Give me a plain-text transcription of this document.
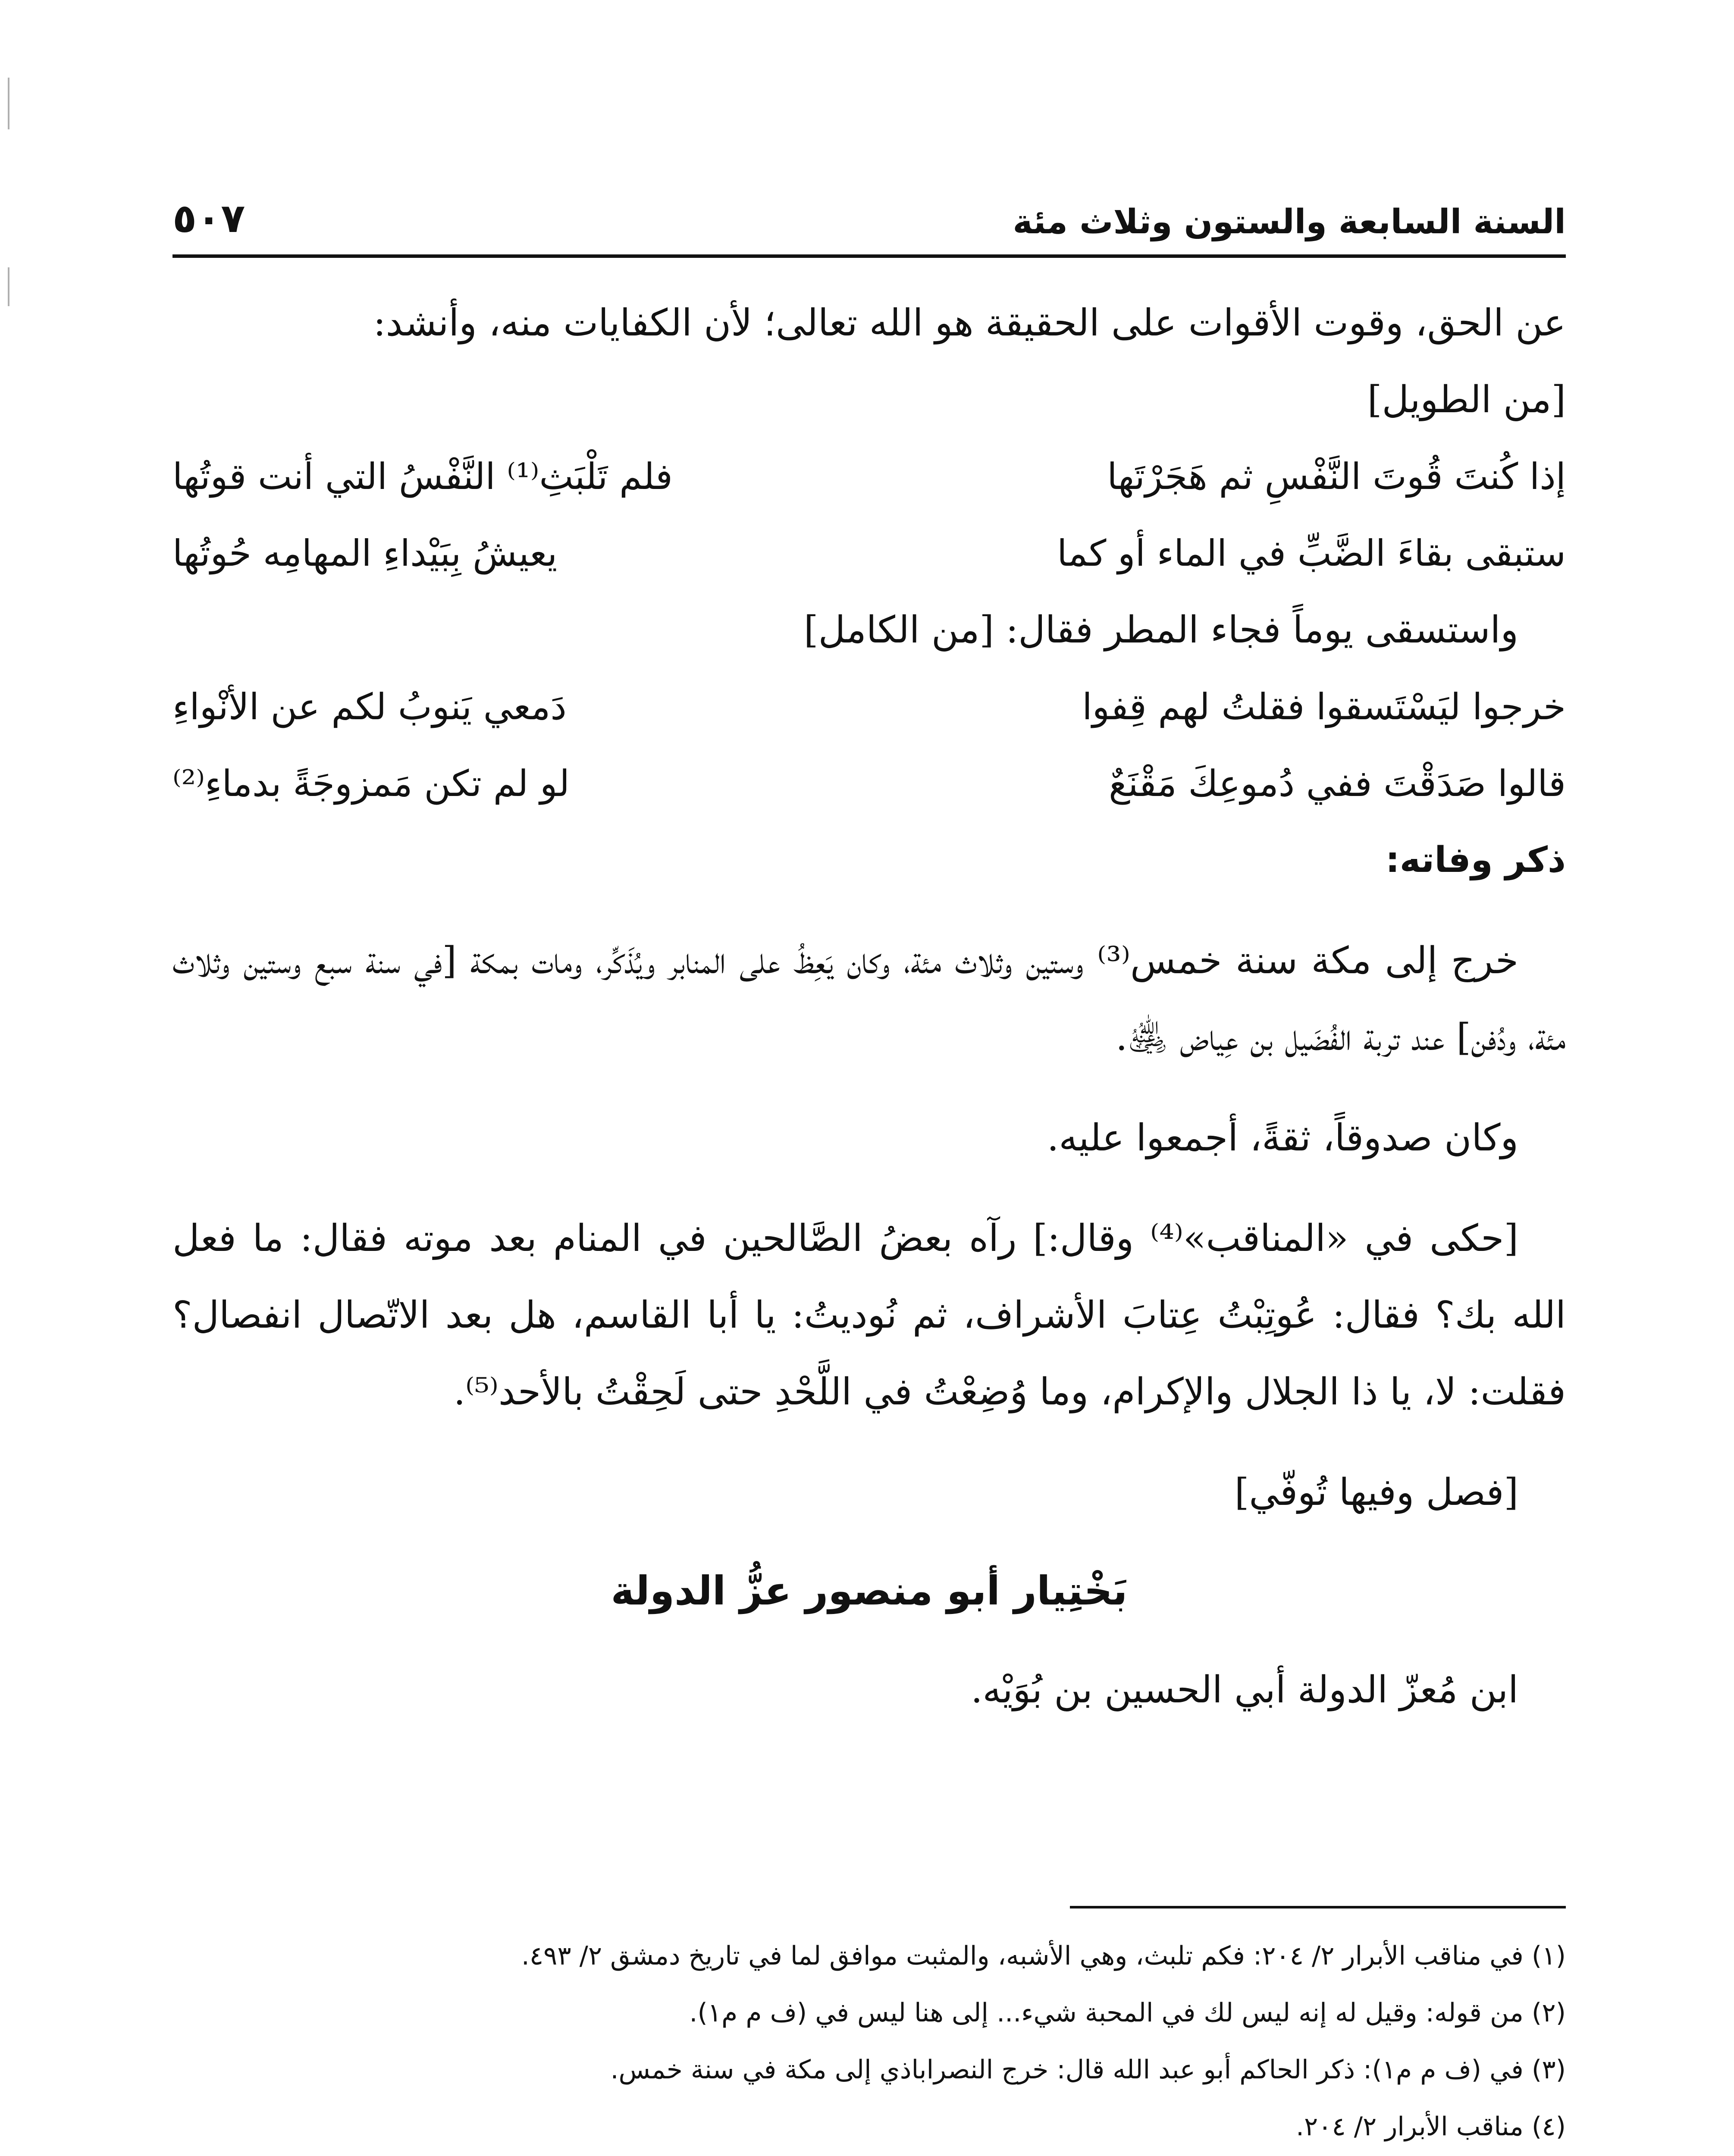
السنة السابعة والستون وثلاث مئة
٥٠٧

عن الحق، وقوت الأقوات على الحقيقة هو الله تعالى؛ لأن الكفايات منه، وأنشد:

[من الطويل]

إذا كُنتَ قُوتَ النَّفْسِ ثم هَجَرْتَها
فلم تَلْبَثِ⁽¹⁾ النَّفْسُ التي أنت قوتُها
ستبقى بقاءَ الضَّبِّ في الماء أو كما
يعيشُ بِبَيْداءِ المهامِه حُوتُها

واستسقى يوماً فجاء المطر فقال: [من الكامل]

خرجوا ليَسْتَسقوا فقلتُ لهم قِفوا
دَمعي يَنوبُ لكم عن الأنْواءِ
قالوا صَدَقْتَ ففي دُموعِكَ مَقْنَعٌ
لو لم تكن مَمزوجَةً بدماءِ⁽²⁾

ذكر وفاته:

خرج إلى مكة سنة خمس⁽³⁾ وستين وثلاث مئة، وكان يَعِظُ على المنابر ويُذَكِّر، ومات بمكة [في سنة سبع وستين وثلاث مئة، ودُفن] عند تربة الفُضَيل بن عِياض ﵁.

وكان صدوقاً، ثقةً، أجمعوا عليه.

[حكى في «المناقب»⁽⁴⁾ وقال:] رآه بعضُ الصَّالحين في المنام بعد موته فقال: ما فعل الله بك؟ فقال: عُوتِبْتُ عِتابَ الأشراف، ثم نُوديتُ: يا أبا القاسم، هل بعد الاتّصال انفصال؟ فقلت: لا، يا ذا الجلال والإكرام، وما وُضِعْتُ في اللَّحْدِ حتى لَحِقْتُ بالأحد⁽⁵⁾.

[فصل وفيها تُوفّي]

بَخْتِيار أبو منصور عزُّ الدولة

ابن مُعزّ الدولة أبي الحسين بن بُوَيْه.

(١) في مناقب الأبرار ٢/ ٢٠٤: فكم تلبث، وهي الأشبه، والمثبت موافق لما في تاريخ دمشق ٢/ ٤٩٣.

(٢) من قوله: وقيل له إنه ليس لك في المحبة شيء... إلى هنا ليس في (ف م م١).

(٣) في (ف م م١): ذكر الحاكم أبو عبد الله قال: خرج النصراباذي إلى مكة في سنة خمس.

(٤) مناقب الأبرار ٢/ ٢٠٤.
